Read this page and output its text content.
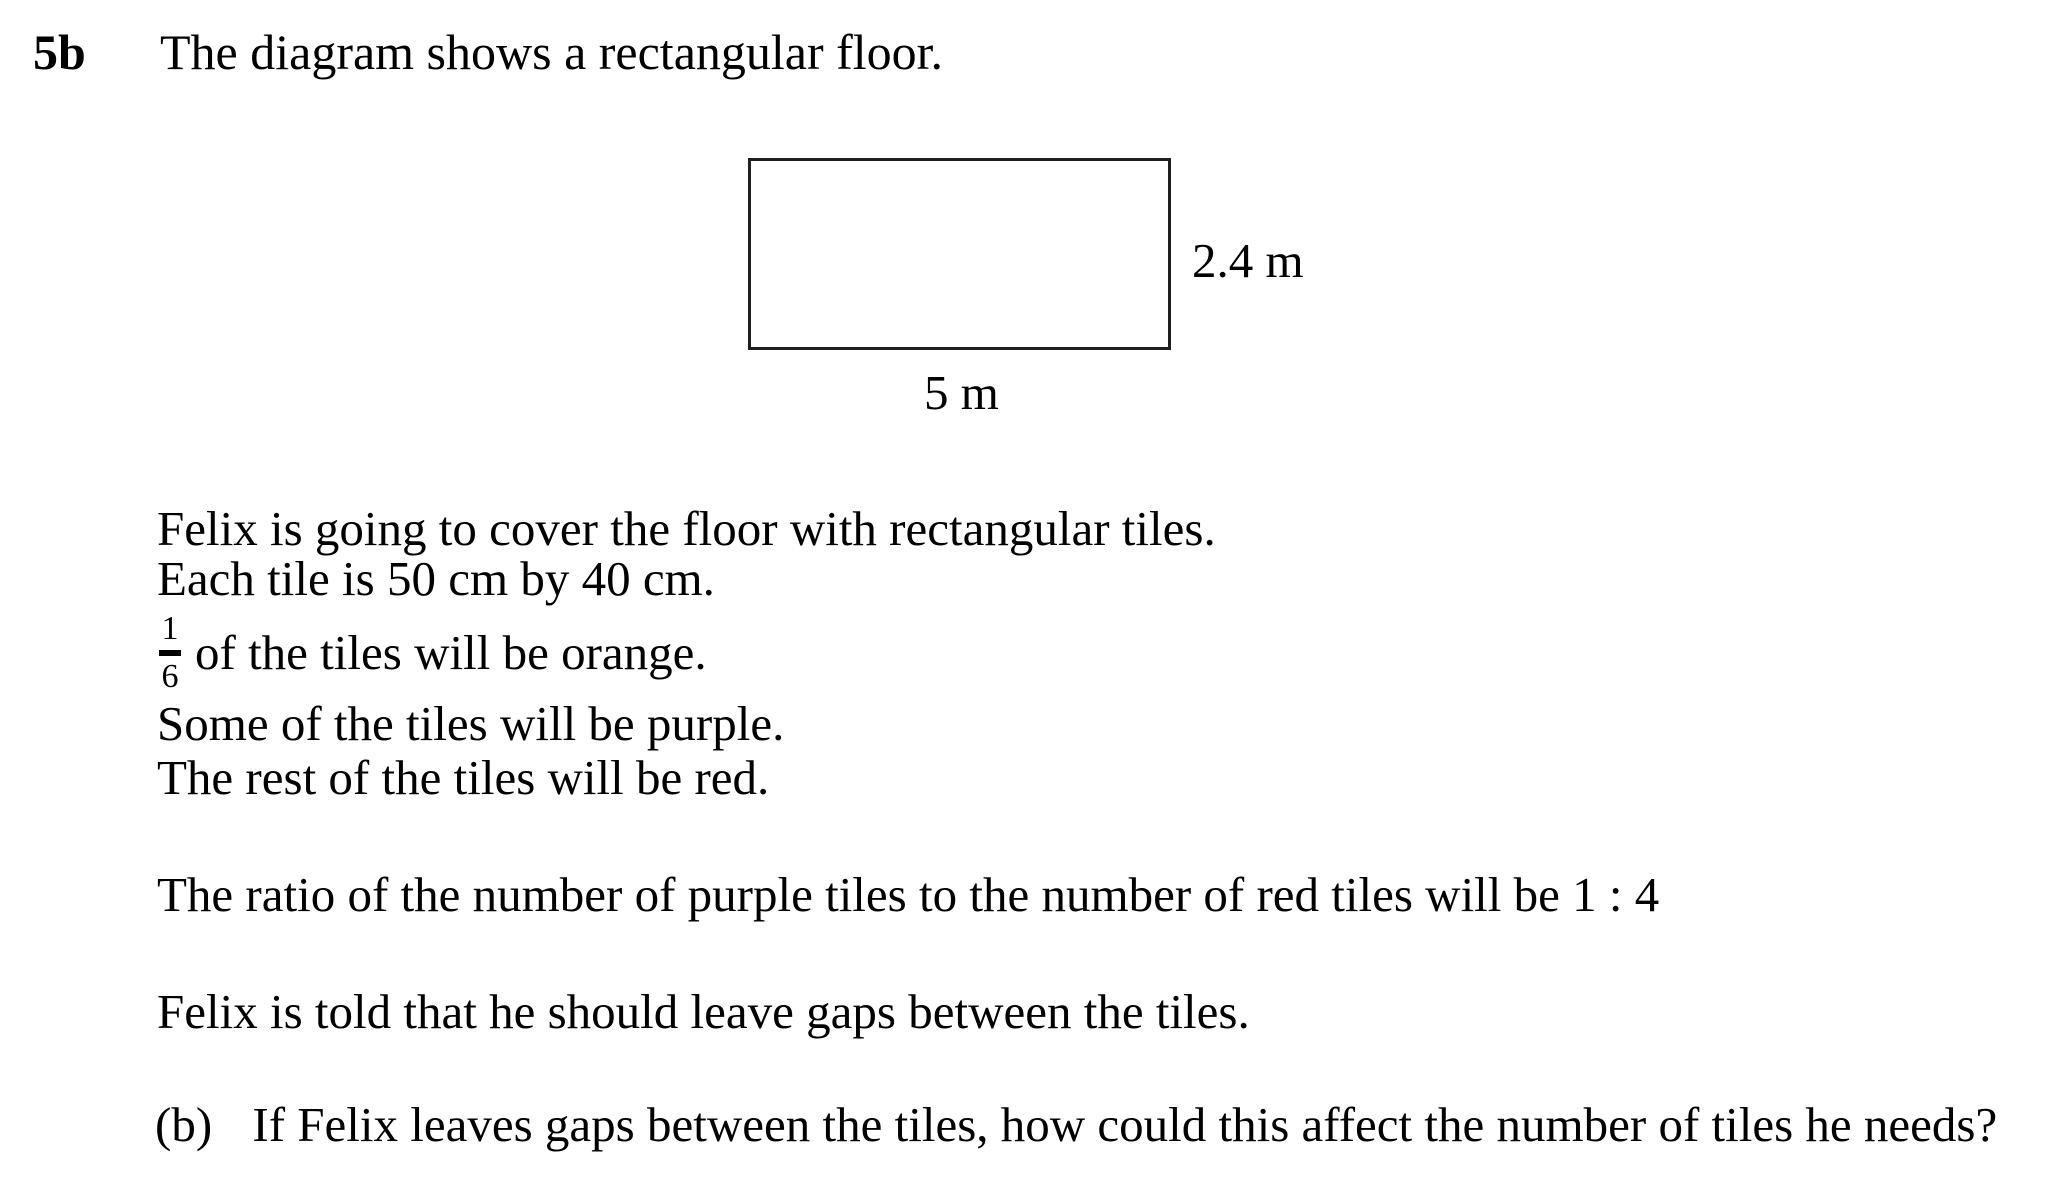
5b The diagram shows a rectangular floor.
2.4 m
5 m
Felix is going to cover the floor with rectangular tiles.
Each tile is 50 cm by 40 cm.
1
6 of the tiles will be orange.
Some of the tiles will be purple.
The rest of the tiles will be red.
The ratio of the number of purple tiles to the number of red tiles will be 1 : 4
Felix is told that he should leave gaps between the tiles.
(b) If Felix leaves gaps between the tiles, how could this affect the number of tiles he needs?
